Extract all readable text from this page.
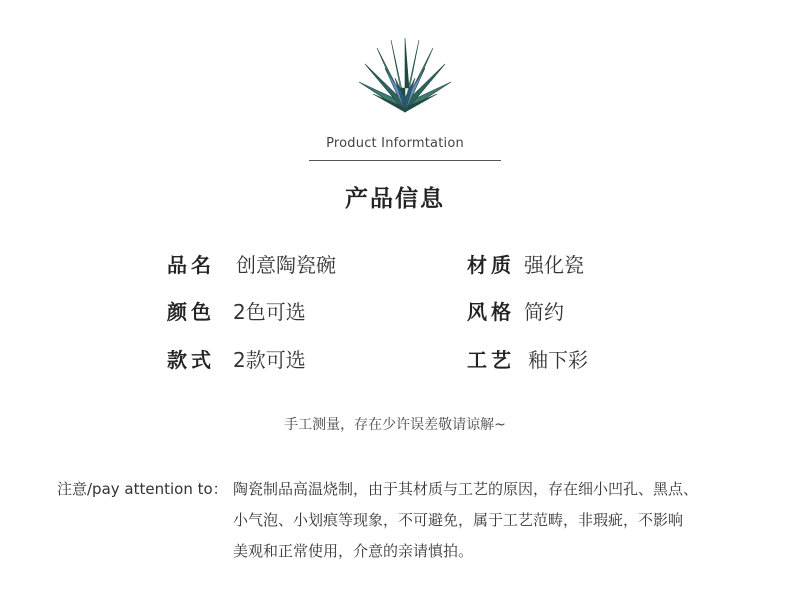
Product Informtation
产品信息
品名 创意陶瓷碗	材质 强化瓷
颜色 2色可选	风格 简约
款式 2款可选	工艺 釉下彩
手工测量，存在少许误差敬请谅解~
注意/pay attention to： 陶瓷制品高温烧制，由于其材质与工艺的原因，存在细小凹孔、黑点、
小气泡、小划痕等现象，不可避免，属于工艺范畴，非瑕疵，不影响
美观和正常使用，介意的亲请慎拍。
